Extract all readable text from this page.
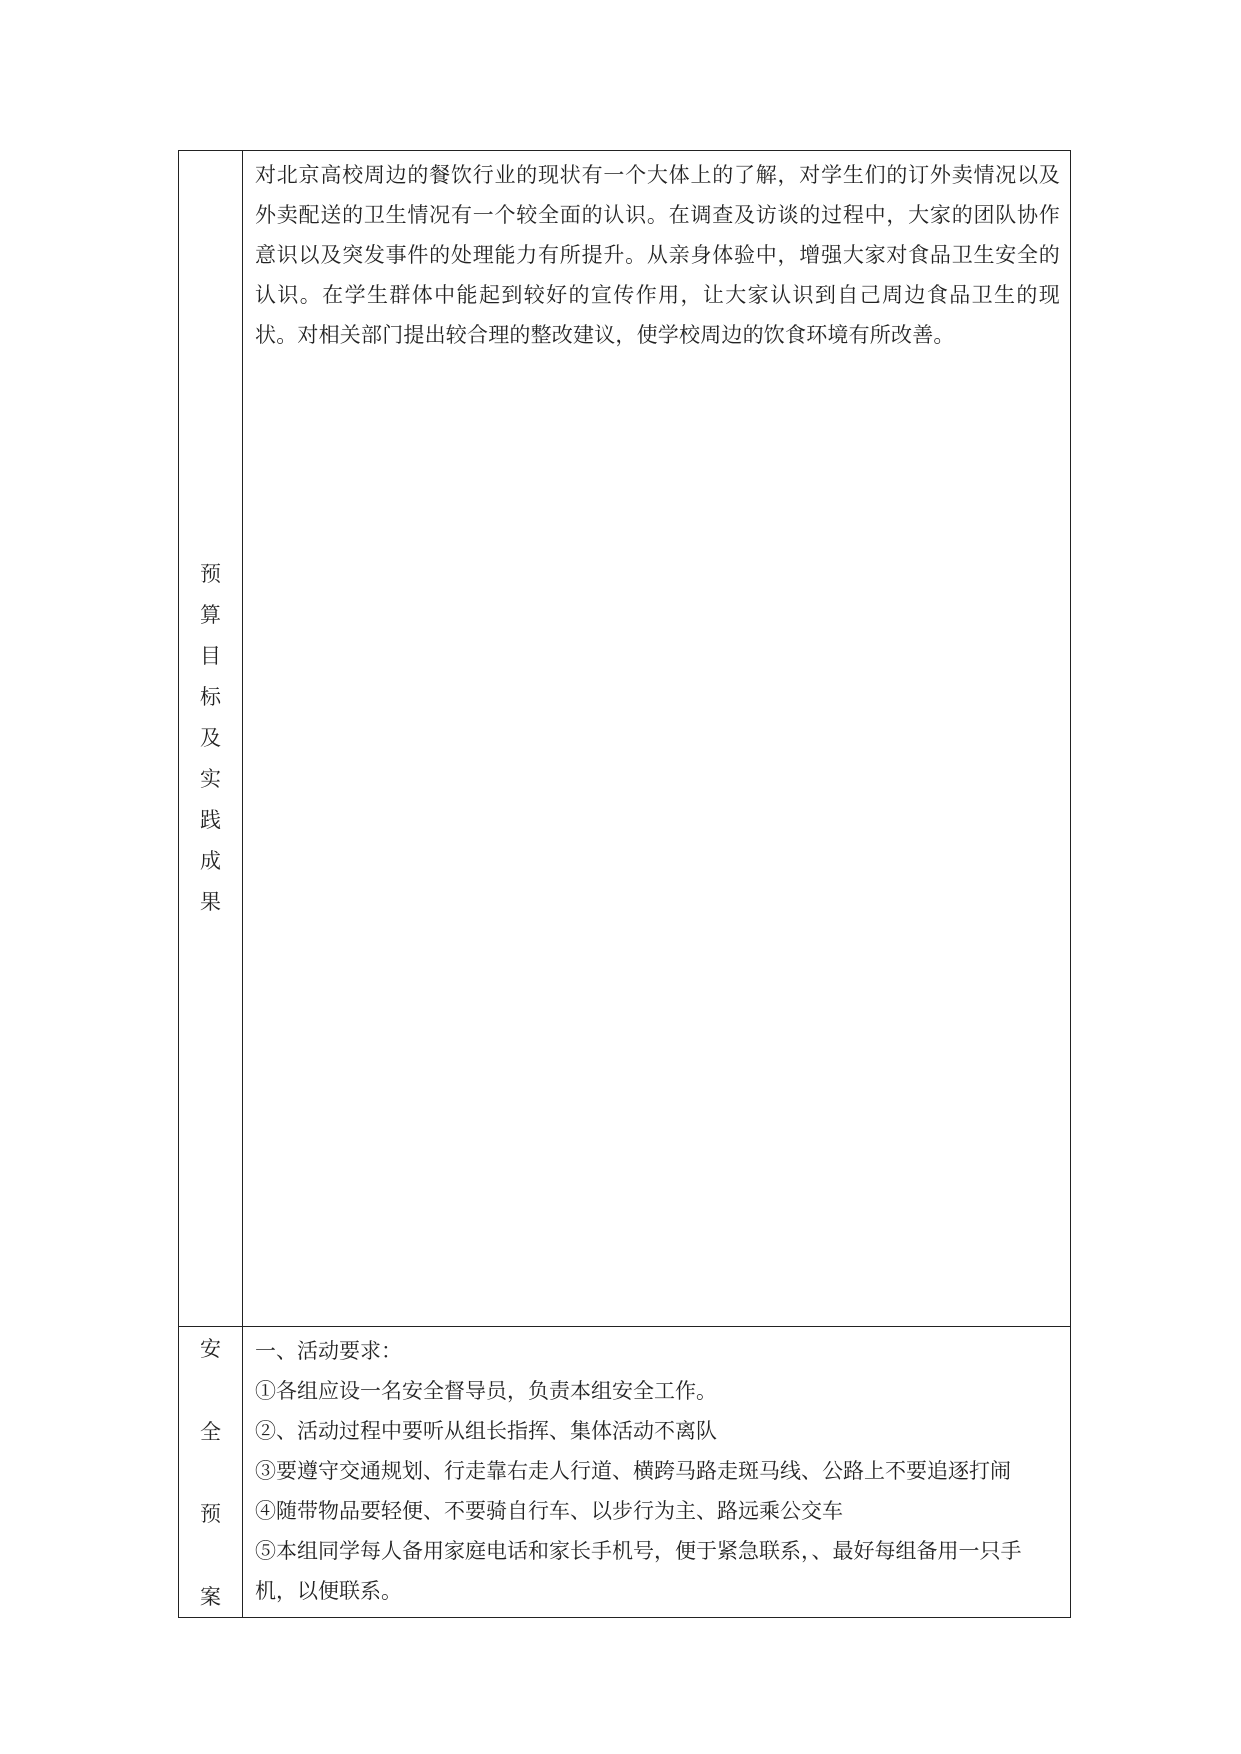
预
算
目
标
及
实
践
成
果

对北京高校周边的餐饮行业的现状有一个大体上的了解，对学生们的订外卖情况以及外卖配送的卫生情况有一个较全面的认识。在调查及访谈的过程中，大家的团队协作意识以及突发事件的处理能力有所提升。从亲身体验中，增强大家对食品卫生安全的认识。在学生群体中能起到较好的宣传作用，让大家认识到自己周边食品卫生的现状。对相关部门提出较合理的整改建议，使学校周边的饮食环境有所改善。

安
全
预
案

一、活动要求：

①各组应设一名安全督导员，负责本组安全工作。

②、活动过程中要听从组长指挥、集体活动不离队

③要遵守交通规划、行走靠右走人行道、横跨马路走斑马线、公路上不要追逐打闹

④随带物品要轻便、不要骑自行车、以步行为主、路远乘公交车

⑤本组同学每人备用家庭电话和家长手机号，便于紧急联系，、最好每组备用一只手机，以便联系。
